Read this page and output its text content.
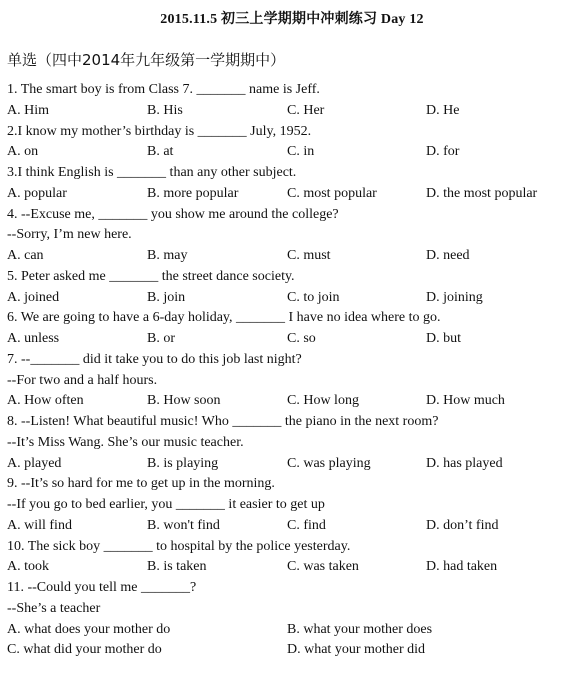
2015.11.5 初三上学期期中冲刺练习 Day 12
单选（四中2014年九年级第一学期期中）
1. The smart boy is from Class 7. _______ name is Jeff.
A. Him	B. His	C. Her	D. He
2.I know my mother’s birthday is _______ July, 1952.
A. on	B. at	C. in	D. for
3.I think English is _______ than any other subject.
A. popular	B. more popular	C. most popular	D. the most popular
4. --Excuse me, _______ you show me around the college?
--Sorry, I’m new here.
A. can	B. may	C. must	D. need
5. Peter asked me _______ the street dance society.
A. joined	B. join	C. to join	D. joining
6. We are going to have a 6-day holiday, _______ I have no idea where to go.
A. unless	B. or	C. so	D. but
7. --_______ did it take you to do this job last night?
--For two and a half hours.
A. How often	B. How soon	C. How long	D. How much
8. --Listen! What beautiful music! Who _______ the piano in the next room?
--It’s Miss Wang. She’s our music teacher.
A. played	B. is playing	C. was playing	D. has played
9. --It’s so hard for me to get up in the morning.
--If you go to bed earlier, you _______ it easier to get up
A. will find	B. won't find	C. find	D. don’t find
10. The sick boy _______ to hospital by the police yesterday.
A. took	B. is taken	C. was taken	D. had taken
11. --Could you tell me _______?
--She’s a teacher
A. what does your mother do	B. what your mother does
C. what did your mother do	D. what your mother did
